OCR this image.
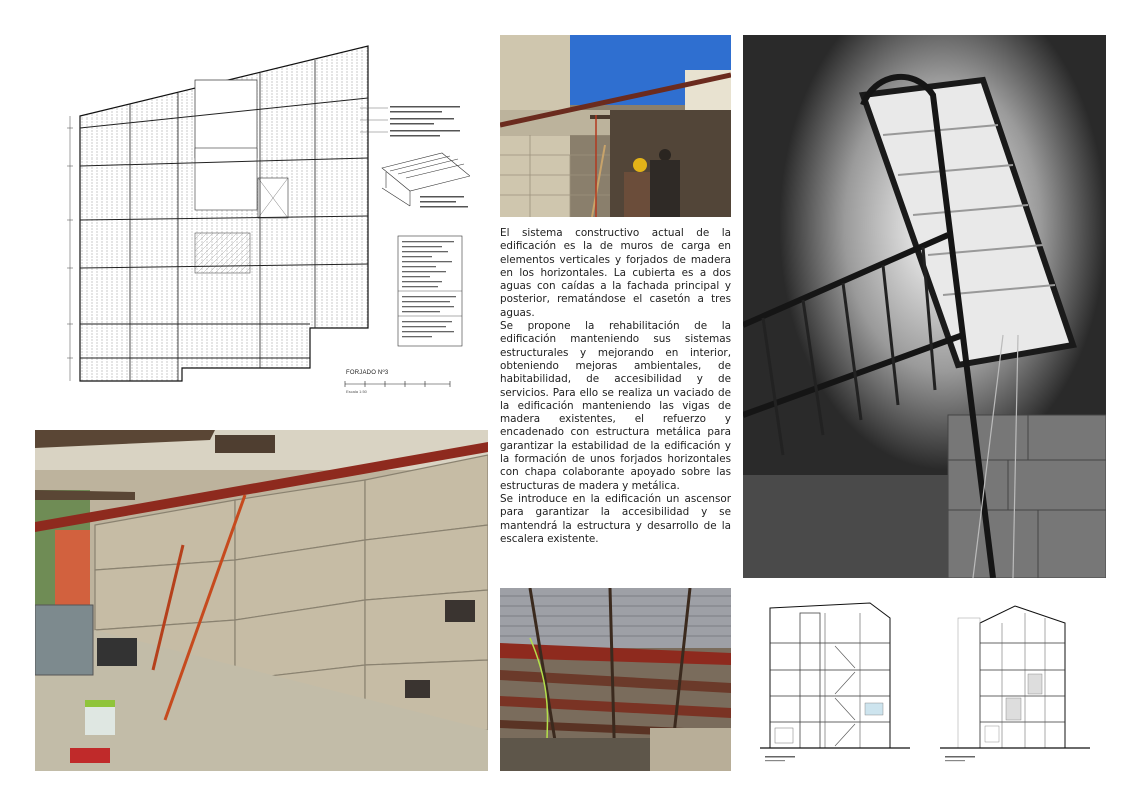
FORJADO Nº3
Escala 1:50

El sistema constructivo actual de la edificación es la de muros de carga en elementos verticales y forjados de madera en los horizontales. La cubierta es a dos aguas con caídas a la fachada principal y posterior, rematándose el casetón a tres aguas.

Se propone la rehabilitación de la edificación manteniendo sus sistemas estructurales y mejorando en interior, obteniendo mejoras ambientales, de habitabilidad, de accesibilidad y de servicios. Para ello se realiza un vaciado de la edificación manteniendo las vigas de madera existentes, el refuerzo y encadenado con estructura metálica para garantizar la estabilidad de la edificación y la formación de unos forjados horizontales con chapa colaborante apoyado sobre las estructuras de madera y metálica.

Se introduce en la edificación un ascensor para garantizar la accesibilidad y se mantendrá la estructura y desarrollo de la escalera existente.
